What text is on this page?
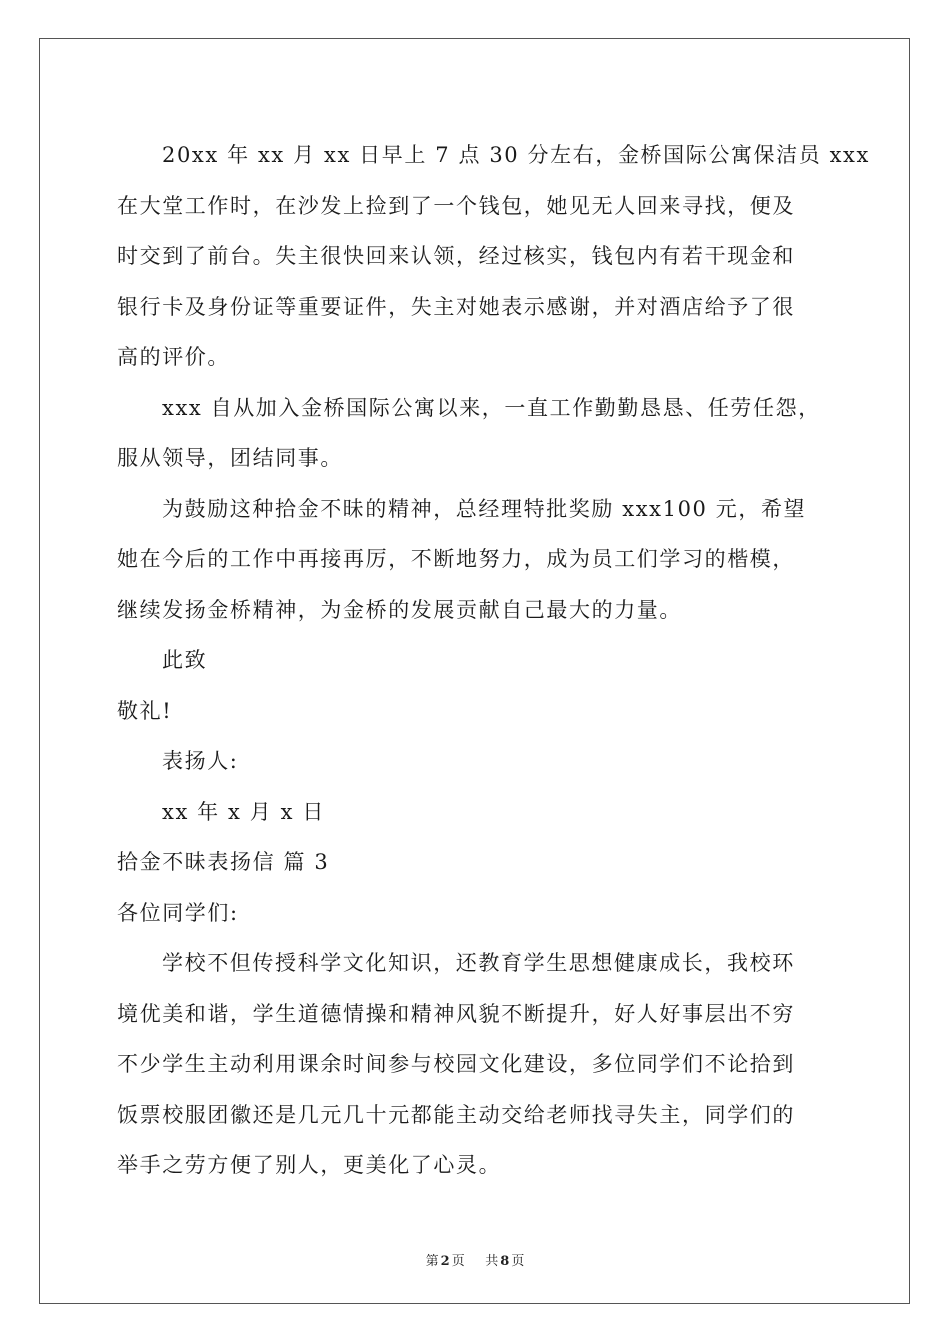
20xx 年 xx 月 xx 日早上 7 点 30 分左右，金桥国际公寓保洁员 xxx
在大堂工作时，在沙发上捡到了一个钱包，她见无人回来寻找，便及
时交到了前台。失主很快回来认领，经过核实，钱包内有若干现金和
银行卡及身份证等重要证件，失主对她表示感谢，并对酒店给予了很
高的评价。
xxx 自从加入金桥国际公寓以来，一直工作勤勤恳恳、任劳任怨，
服从领导，团结同事。
为鼓励这种拾金不昧的精神，总经理特批奖励 xxx100 元，希望
她在今后的工作中再接再厉，不断地努力，成为员工们学习的楷模，
继续发扬金桥精神，为金桥的发展贡献自己最大的力量。
此致
敬礼!
表扬人:
xx 年 x 月 x 日
拾金不昧表扬信 篇 3
各位同学们:
学校不但传授科学文化知识，还教育学生思想健康成长，我校环
境优美和谐，学生道德情操和精神风貌不断提升，好人好事层出不穷
不少学生主动利用课余时间参与校园文化建设，多位同学们不论拾到
饭票校服团徽还是几元几十元都能主动交给老师找寻失主，同学们的
举手之劳方便了别人，更美化了心灵。
第 2 页 共 8 页
